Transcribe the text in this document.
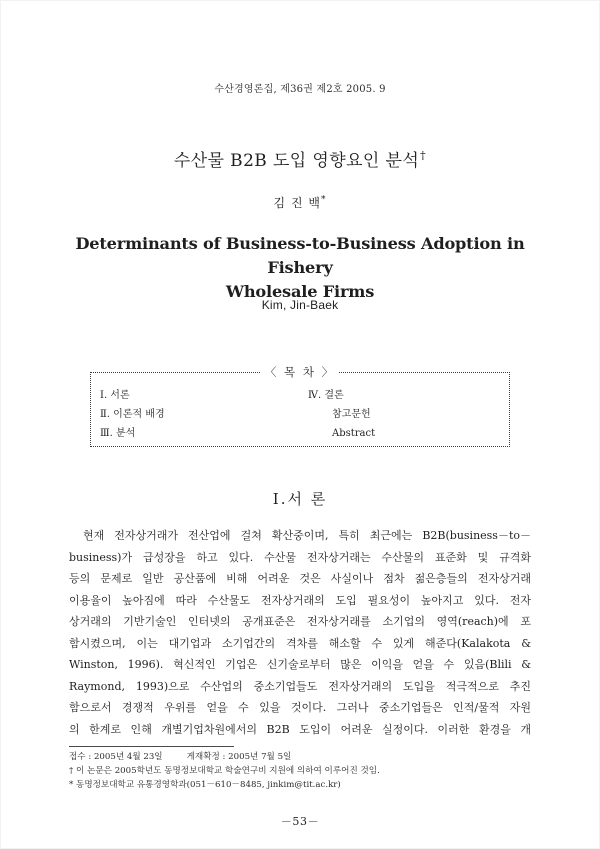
수산경영론집, 제36권 제2호 2005. 9
수산물 B2B 도입 영향요인 분석†
김 진 백*
Determinants of Business-to-Business Adoption in Fishery
Wholesale Firms
Kim, Jin-Baek
〈 목 차 〉
Ⅰ. 서론
Ⅱ. 이론적 배경
Ⅲ. 분석
Ⅳ. 결론
참고문헌
Abstract
Ⅰ.서 론
현재 전자상거래가 전산업에 걸쳐 확산중이며, 특히 최근에는 B2B(business－to－
business)가 급성장을 하고 있다. 수산물 전자상거래는 수산물의 표준화 및 규격화
등의 문제로 일반 공산품에 비해 어려운 것은 사실이나 점차 젊은층들의 전자상거래
이용율이 높아짐에 따라 수산물도 전자상거래의 도입 필요성이 높아지고 있다. 전자
상거래의 기반기술인 인터넷의 공개표준은 전자상거래를 소기업의 영역(reach)에 포
함시켰으며, 이는 대기업과 소기업간의 격차를 해소할 수 있게 해준다(Kalakota &
Winston, 1996). 혁신적인 기업은 신기술로부터 많은 이익을 얻을 수 있음(Blili &
Raymond, 1993)으로 수산업의 중소기업들도 전자상거래의 도입을 적극적으로 추진
함으로서 경쟁적 우위를 얻을 수 있을 것이다. 그러나 중소기업들은 인적/물적 자원
의 한계로 인해 개별기업차원에서의 B2B 도입이 어려운 실정이다. 이러한 환경을 개
접수 : 2005년 4월 23일	게재확정 : 2005년 7월 5일
† 이 논문은 2005학년도 동명정보대학교 학술연구비 지원에 의하여 이루어진 것임.
* 동명정보대학교 유통경영학과(051－610－8485, jinkim@tit.ac.kr)
－53－
